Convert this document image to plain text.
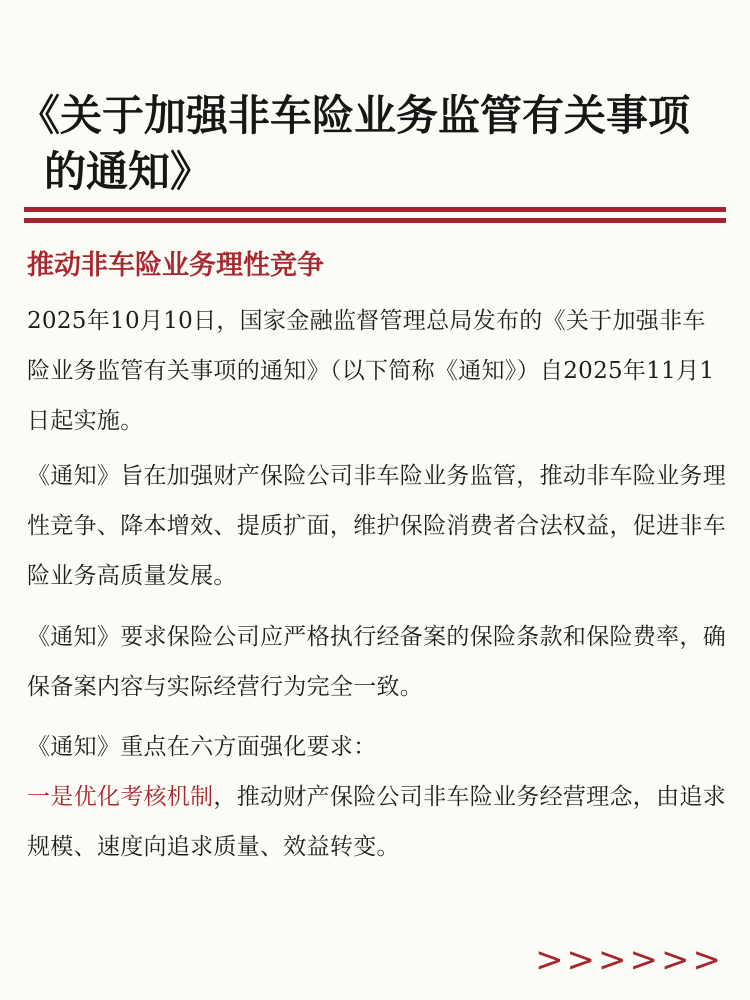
《关于加强非车险业务监管有关事项
的通知》
推动非车险业务理性竞争

2025年10月10日，国家金融监督管理总局发布的《关于加强非车险业务监管有关事项的通知》（以下简称《通知》）自2025年11月1日起实施。

《通知》旨在加强财产保险公司非车险业务监管，推动非车险业务理性竞争、降本增效、提质扩面，维护保险消费者合法权益，促进非车险业务高质量发展。

《通知》要求保险公司应严格执行经备案的保险条款和保险费率，确保备案内容与实际经营行为完全一致。

《通知》重点在六方面强化要求：

一是优化考核机制，推动财产保险公司非车险业务经营理念，由追求规模、速度向追求质量、效益转变。

>>>>>>
